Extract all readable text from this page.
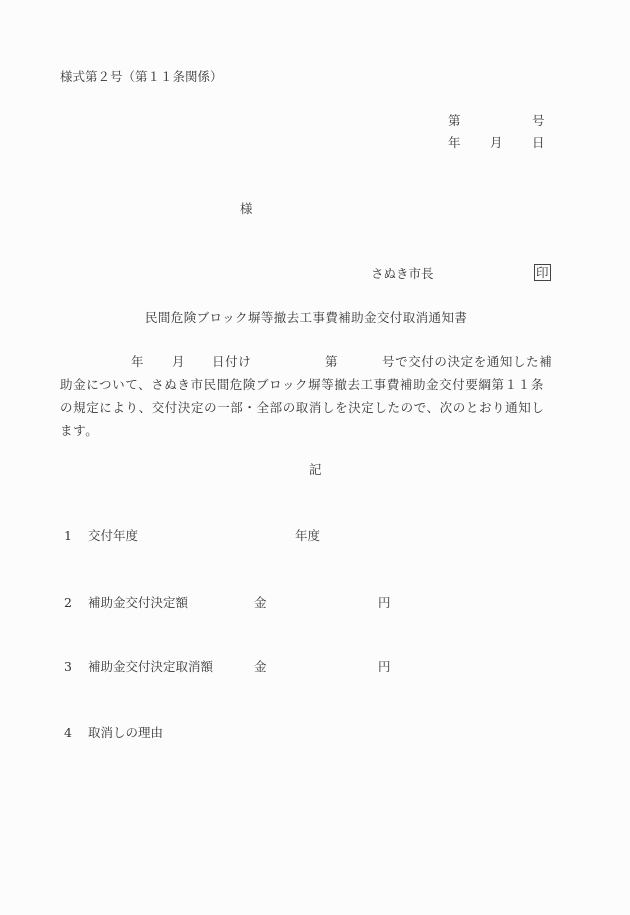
様式第２号（第１１条関係）
第	号
年 月 日
様
さぬき市長	印
民間危険ブロック塀等撤去工事費補助金交付取消通知書
年 月 日付け	第	号で交付の決定を通知した補
助金について、さぬき市民間危険ブロック塀等撤去工事費補助金交付要綱第１１条
の規定により、交付決定の一部・全部の取消しを決定したので、次のとおり通知し
ます。
記
1 交付年度	年度
2 補助金交付決定額	金	円
3 補助金交付決定取消額	金	円
4 取消しの理由
